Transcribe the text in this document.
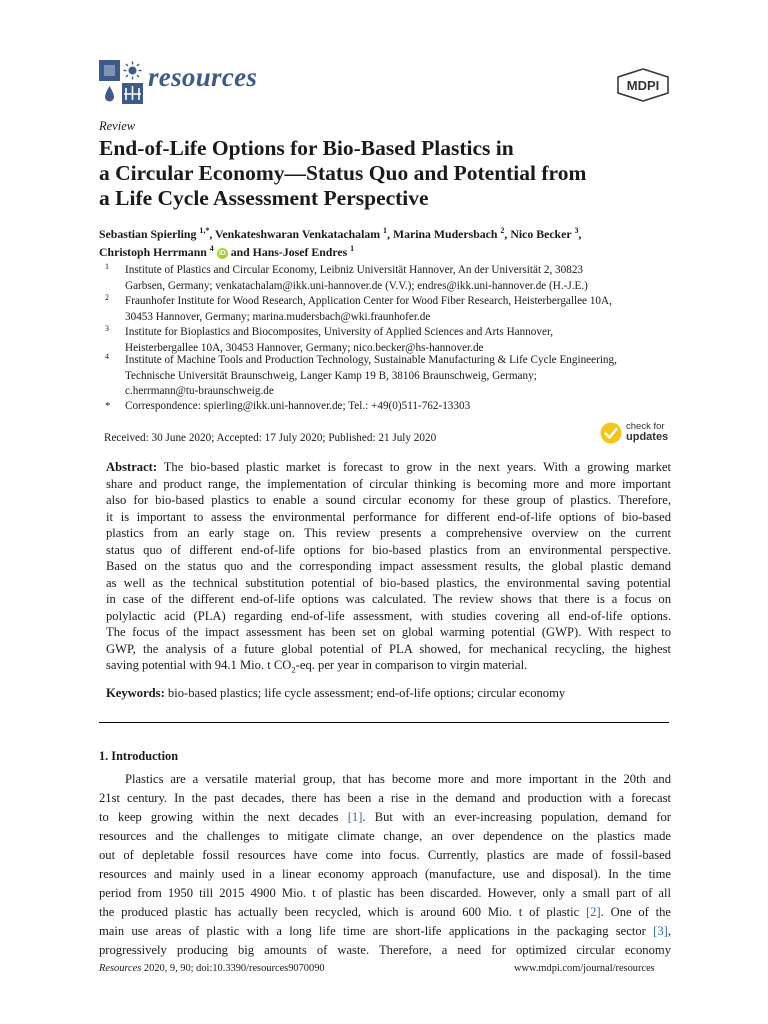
resources	MDPI
Review
End-of-Life Options for Bio-Based Plastics in
a Circular Economy—Status Quo and Potential from
a Life Cycle Assessment Perspective
Sebastian Spierling $^{1,*}$, Venkateshwaran Venkatachalam $^1$, Marina Mudersbach $^2$, Nico Becker $^3$,
Christoph Herrmann $^4$ iD and Hans-Josef Endres $^1$
1 Institute of Plastics and Circular Economy, Leibniz Universität Hannover, An der Universität 2, 30823
Garbsen, Germany; venkatachalam@ikk.uni-hannover.de (V.V.); endres@ikk.uni-hannover.de (H.-J.E.)
2 Fraunhofer Institute for Wood Research, Application Center for Wood Fiber Research, Heisterbergallee 10A,
30453 Hannover, Germany; marina.mudersbach@wki.fraunhofer.de
3 Institute for Bioplastics and Biocomposites, University of Applied Sciences and Arts Hannover,
Heisterbergallee 10A, 30453 Hannover, Germany; nico.becker@hs-hannover.de
4 Institute of Machine Tools and Production Technology, Sustainable Manufacturing & Life Cycle Engineering,
Technische Universität Braunschweig, Langer Kamp 19 B, 38106 Braunschweig, Germany;
c.herrmann@tu-braunschweig.de
* Correspondence: spierling@ikk.uni-hannover.de; Tel.: +49(0)511-762-13303
Received: 30 June 2020; Accepted: 17 July 2020; Published: 21 July 2020
check for
updates
Abstract: The bio-based plastic market is forecast to grow in the next years. With a growing market
share and product range, the implementation of circular thinking is becoming more and more important
also for bio-based plastics to enable a sound circular economy for these group of plastics. Therefore,
it is important to assess the environmental performance for different end-of-life options of bio-based
plastics from an early stage on. This review presents a comprehensive overview on the current
status quo of different end-of-life options for bio-based plastics from an environmental perspective.
Based on the status quo and the corresponding impact assessment results, the global plastic demand
as well as the technical substitution potential of bio-based plastics, the environmental saving potential
in case of the different end-of-life options was calculated. The review shows that there is a focus on
polylactic acid (PLA) regarding end-of-life assessment, with studies covering all end-of-life options.
The focus of the impact assessment has been set on global warming potential (GWP). With respect to
GWP, the analysis of a future global potential of PLA showed, for mechanical recycling, the highest
saving potential with 94.1 Mio. t $CO_2-eq$. per year in comparison to virgin material.
Keywords: bio-based plastics; life cycle assessment; end-of-life options; circular economy
1. Introduction
Plastics are a versatile material group, that has become more and more important in the 20th and
21st century. In the past decades, there has been a rise in the demand and production with a forecast
to keep growing within the next decades [1]. But with an ever-increasing population, demand for
resources and the challenges to mitigate climate change, an over dependence on the plastics made
out of depletable fossil resources have come into focus. Currently, plastics are made of fossil-based
resources and mainly used in a linear economy approach (manufacture, use and disposal). In the time
period from 1950 till 2015 4900 Mio. t of plastic has been discarded. However, only a small part of all
the produced plastic has actually been recycled, which is around 600 Mio. t of plastic [2]. One of the
main use areas of plastic with a long life time are short-life applications in the packaging sector [3],
progressively producing big amounts of waste. Therefore, a need for optimized circular economy
Resources 2020, 9, 90; doi:10.3390/resources9070090	www.mdpi.com/journal/resources
